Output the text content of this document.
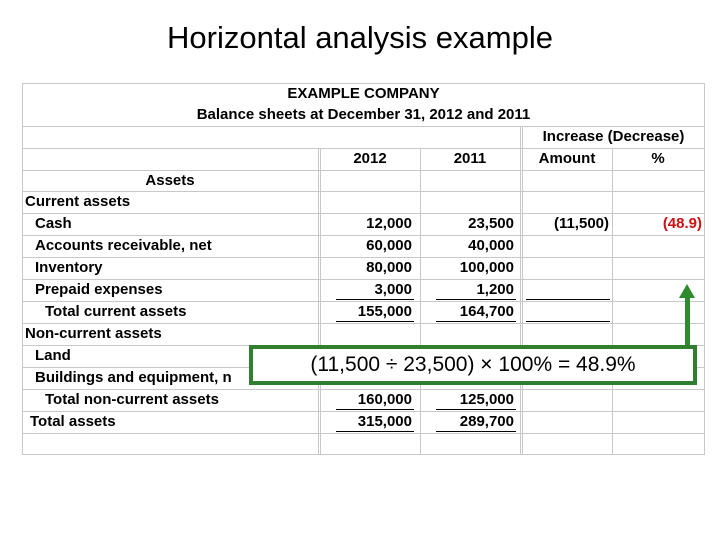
Horizontal analysis example
EXAMPLE COMPANY
Balance sheets at December 31, 2012 and 2011
Increase (Decrease)
2012	2011	Amount	%
Assets
Current assets
Cash	12,000	23,500	(11,500)	(48.9)
Accounts receivable, net	60,000	40,000
Inventory	80,000	100,000
Prepaid expenses	3,000	1,200
Total current assets	155,000	164,700
Non-current assets
Land
Buildings and equipment, n
Total non-current assets	160,000	125,000
Total assets	315,000	289,700
(11,500 ÷ 23,500) × 100% = 48.9%
